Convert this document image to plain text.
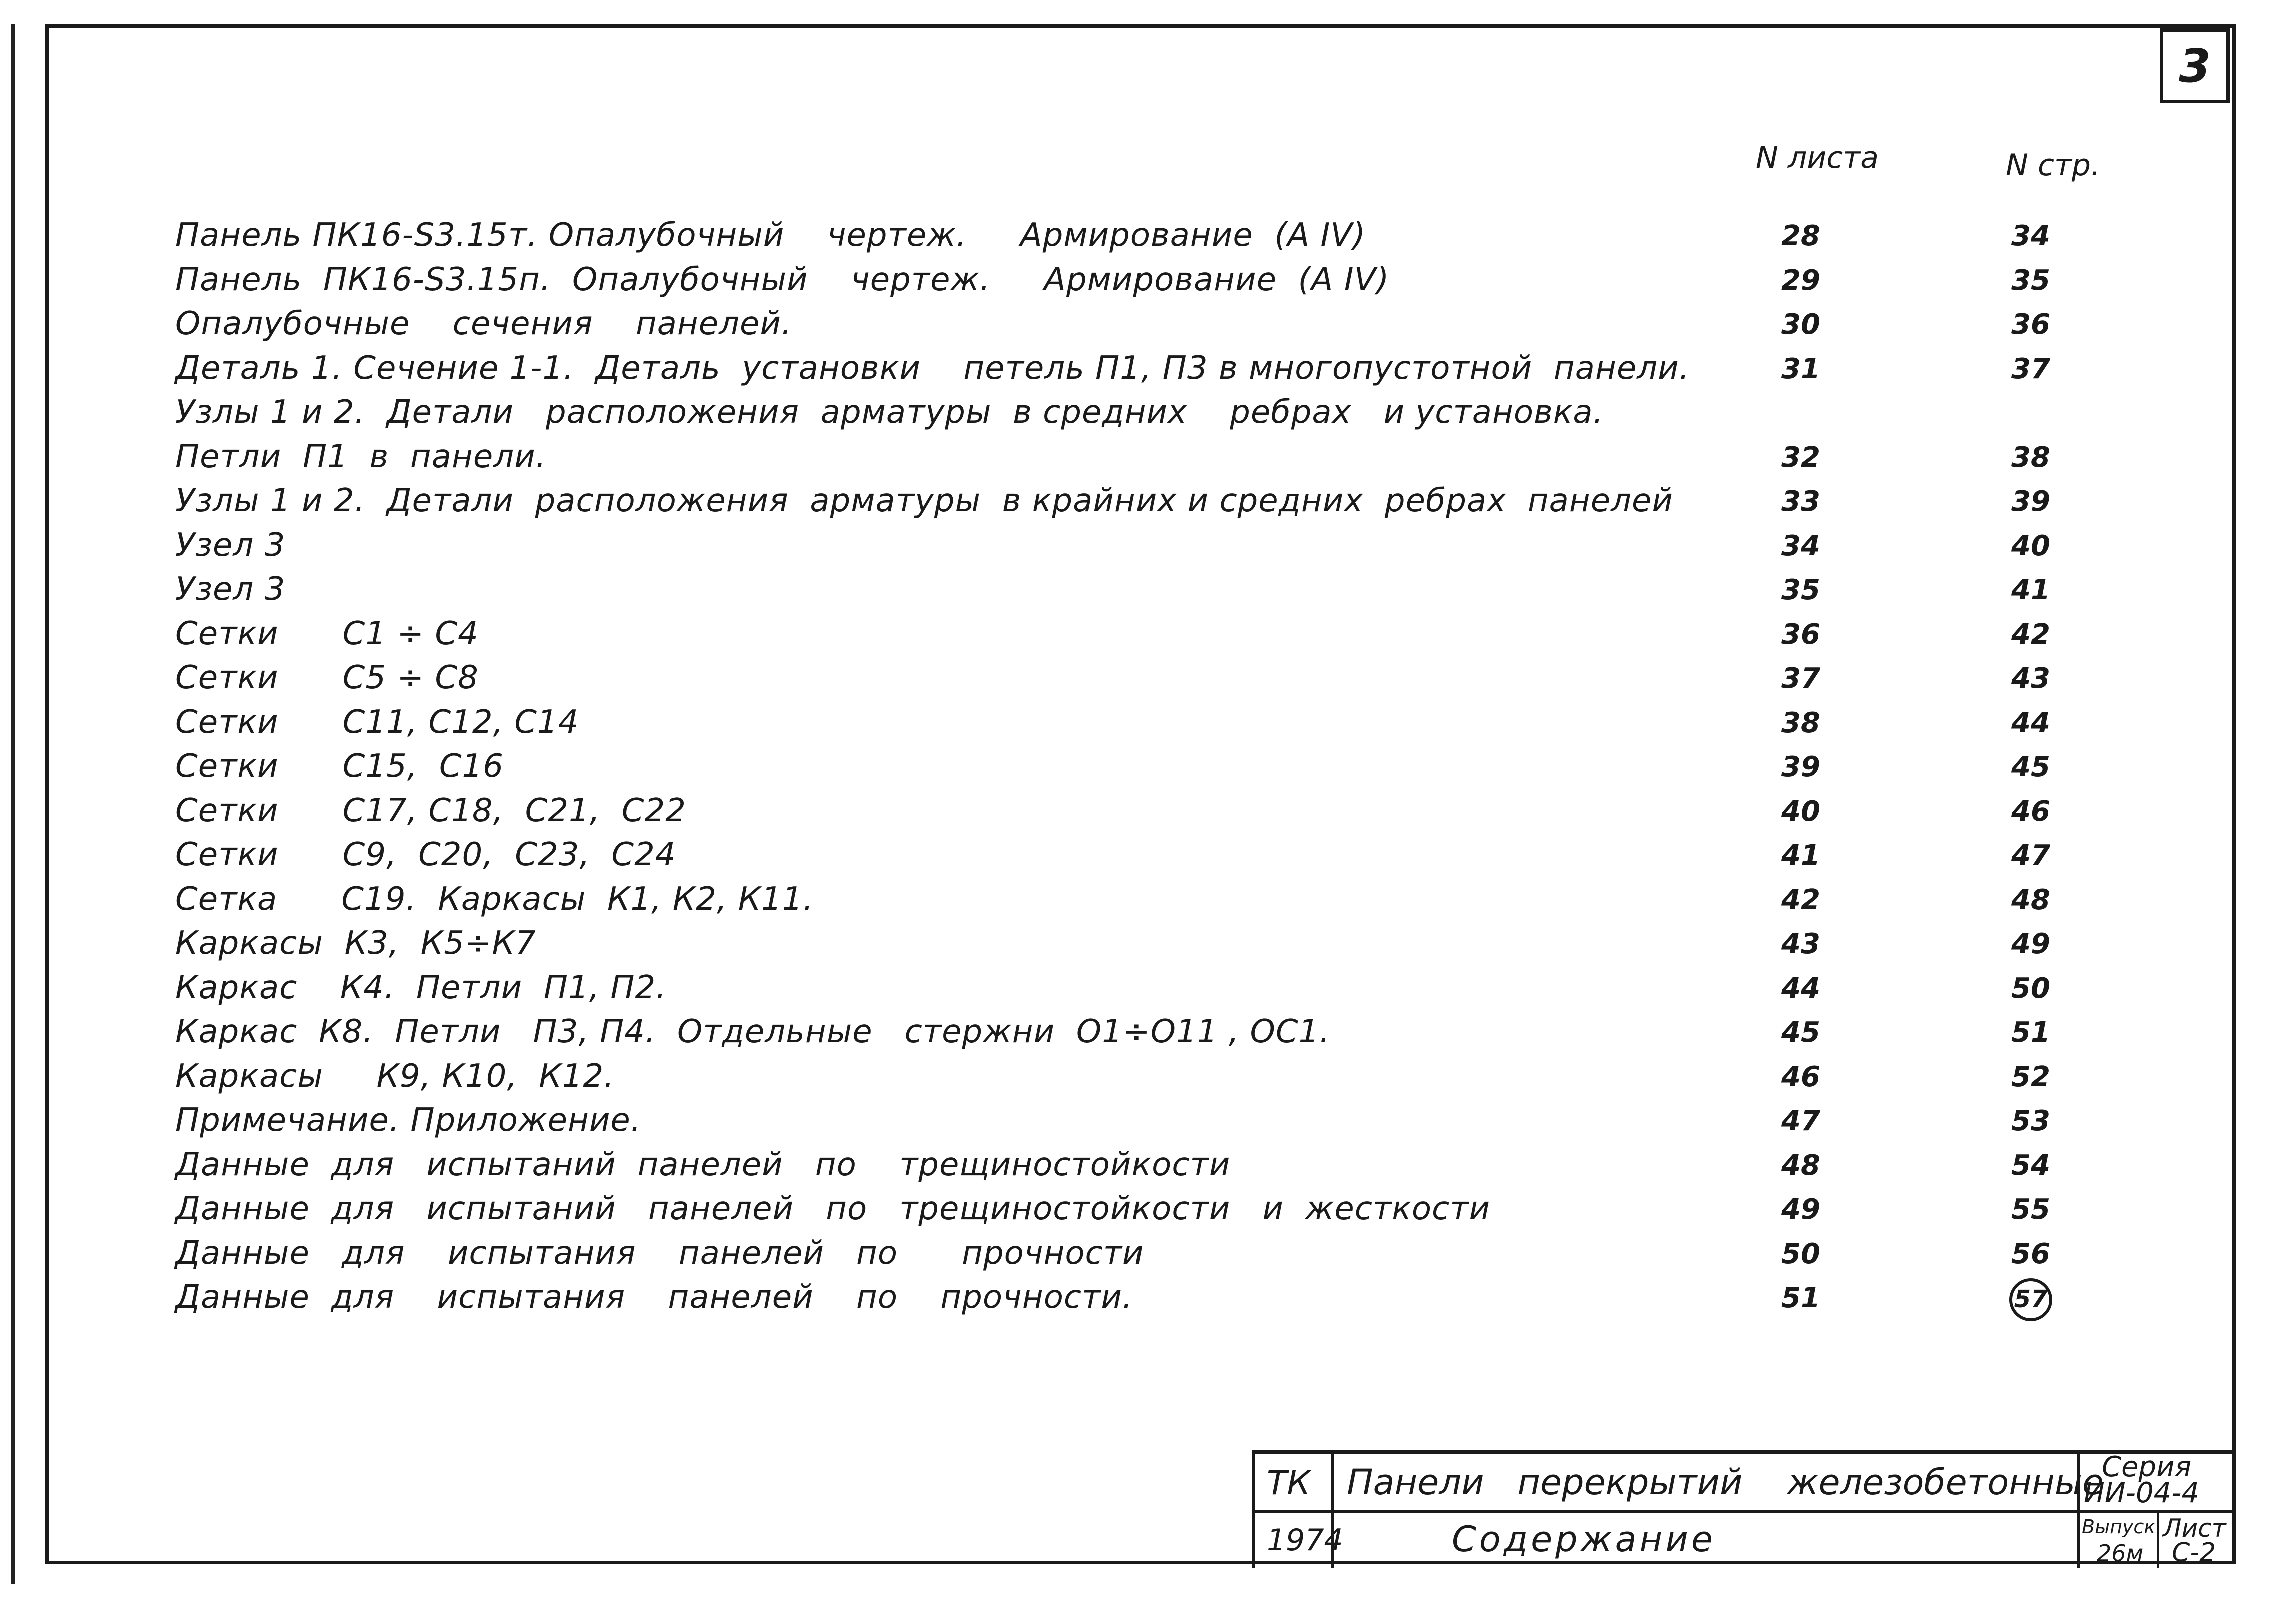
3
N листа	N стр.
Панель ПК16-S3.15т. Опалубочный    чертеж.     Армирование  (А IV)	28	34
Панель  ПК16-S3.15п.  Опалубочный    чертеж.     Армирование  (А IV)	29	35
Опалубочные    сечения    панелей.	30	36
Деталь 1. Сечение 1-1.  Деталь  установки    петель П1, П3 в многопустотной  панели.	31	37
Узлы 1 и 2.  Детали   расположения  арматуры  в средних    ребрах   и установка.
Петли  П1  в  панели.	32	38
Узлы 1 и 2.  Детали  расположения  арматуры  в крайних и средних  ребрах  панелей	33	39
Узел 3	34	40
Узел 3	35	41
Сетки      С1 ÷ С4	36	42
Сетки      С5 ÷ С8	37	43
Сетки      С11, С12, С14	38	44
Сетки      С15,  С16	39	45
Сетки      С17, С18,  С21,  С22	40	46
Сетки      С9,  С20,  С23,  С24	41	47
Сетка      С19.  Каркасы  К1, К2, К11.	42	48
Каркасы  К3,  К5÷К7	43	49
Каркас    К4.  Петли  П1, П2.	44	50
Каркас  К8.  Петли   П3, П4.  Отдельные   стержни  О1÷О11 , ОС1.	45	51
Каркасы     К9, К10,  К12.	46	52
Примечание. Приложение.	47	53
Данные  для   испытаний  панелей   по    трещиностойкости	48	54
Данные  для   испытаний   панелей   по   трещиностойкости   и  жесткости	49	55
Данные   для    испытания    панелей   по      прочности	50	56
Данные  для    испытания    панелей    по    прочности.	51	57
ТК
1974
Панели   перекрытий    железобетонные
Содержание
Серия
ИИ-04-4
Выпуск
26м
Лист
С-2
